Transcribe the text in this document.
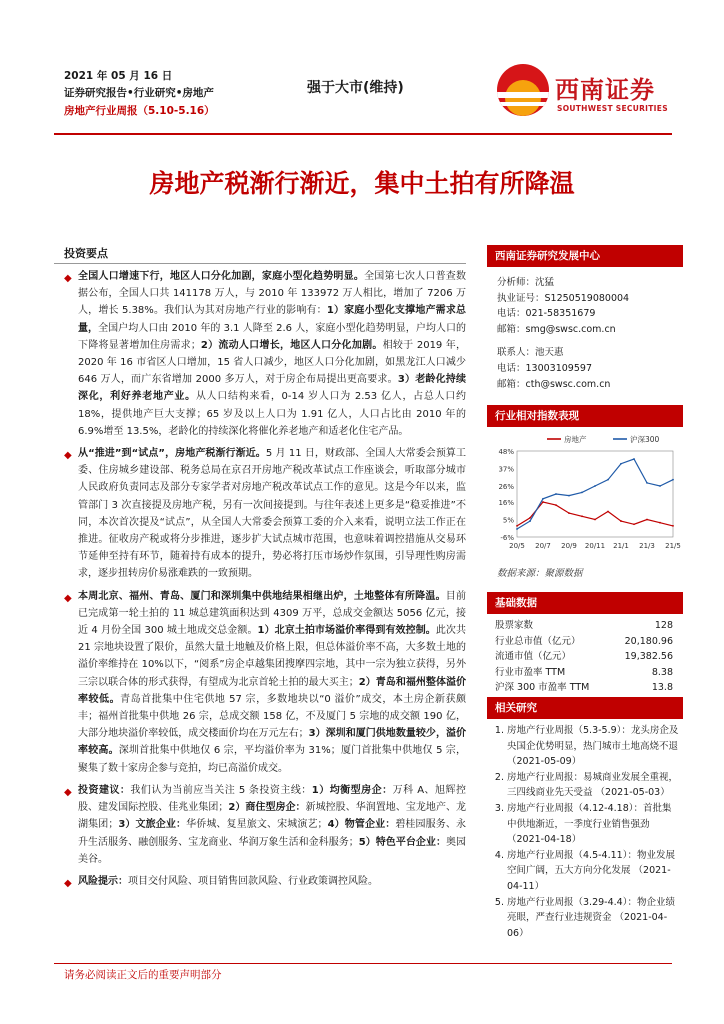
2021 年 05 月 16 日
证券研究报告•行业研究•房地产
房地产行业周报（5.10-5.16）
强于大市(维持)	西南证券
SOUTHWEST SECURITIES
房地产税渐行渐近，集中土拍有所降温
投资要点
◆ 全国人口增速下行，地区人口分化加剧，家庭小型化趋势明显。全国第七次人口普查数据公布，全国人口共 141178 万人，与 2010 年 133972 万人相比，增加了 7206 万人，增长 5.38%。我们认为其对房地产行业的影响有：1）家庭小型化支撑地产需求总量，全国户均人口由 2010 年的 3.1 人降至 2.6 人，家庭小型化趋势明显，户均人口的下降将显著增加住房需求；2）流动人口增长，地区人口分化加剧。相较于 2019 年，2020 年 16 市省区人口增加，15 省人口减少，地区人口分化加剧，如黑龙江人口减少 646 万人，而广东省增加 2000 多万人，对于房企布局提出更高要求。3）老龄化持续深化，利好养老地产业。从人口结构来看，0-14 岁人口为 2.53 亿人，占总人口约 18%，提供地产巨大支撑；65 岁及以上人口为 1.91 亿人，人口占比由 2010 年的 6.9%增至 13.5%，老龄化的持续深化将催化养老地产和适老化住宅产品。
◆ 从“推进”到“试点”，房地产税渐行渐近。5 月 11 日，财政部、全国人大常委会预算工委、住房城乡建设部、税务总局在京召开房地产税改革试点工作座谈会，听取部分城市人民政府负责同志及部分专家学者对房地产税改革试点工作的意见。这是今年以来，监管部门 3 次直接提及房地产税，另有一次间接提到。与往年表述上更多是“稳妥推进”不同，本次首次提及“试点”，从全国人大常委会预算工委的介入来看，说明立法工作正在推进。征收房产税或将分步推进，逐步扩大试点城市范围，也意味着调控措施从交易环节延伸至持有环节，随着持有成本的提升，势必将打压市场炒作氛围，引导理性购房需求，逐步扭转房价易涨难跌的一致预期。
◆ 本周北京、福州、青岛、厦门和深圳集中供地结果相继出炉，土地整体有所降温。目前已完成第一轮土拍的 11 城总建筑面积达到 4309 万平，总成交金额达 5056 亿元，接近 4 月份全国 300 城土地成交总金额。1）北京土拍市场溢价率得到有效控制。此次共 21 宗地块设置了限价，虽然大量土地触及价格上限，但总体溢价率不高，大多数土地的溢价率维持在 10%以下，“阅系”房企卓越集团搜摩四宗地，其中一宗为独立获得，另外三宗以联合体的形式获得，有望成为北京首轮土拍的最大买主；2）青岛和福州整体溢价率较低。青岛首批集中住宅供地 57 宗，多数地块以“0 溢价”成交，本土房企新获颇丰；福州首批集中供地 26 宗，总成交额 158 亿，不及厦门 5 宗地的成交额 190 亿，大部分地块溢价率较低，成交楼面价均在万元左右；3）深圳和厦门供地数量较少，溢价率较高。深圳首批集中供地仅 6 宗，平均溢价率为 31%；厦门首批集中供地仅 5 宗，聚集了数十家房企参与竞拍，均已高溢价成交。
◆ 投资建议：我们认为当前应当关注 5 条投资主线：1）均衡型房企：万科 A、旭辉控股、建发国际控股、佳兆业集团；2）商住型房企：新城控股、华润置地、宝龙地产、龙湖集团；3）文旅企业：华侨城、复星旅文、宋城演艺；4）物管企业：碧桂园服务、永升生活服务、融创服务、宝龙商业、华润万象生活和金科服务；5）特色平台企业：奥园美谷。
◆ 风险提示：项目交付风险、项目销售回款风险、行业政策调控风险。
西南证券研究发展中心
分析师：沈猛
执业证号：S1250519080004
电话：021-58351679
邮箱：smg@swsc.com.cn
联系人：池天惠
电话：13003109597
邮箱：cth@swsc.com.cn
行业相对指数表现
-6%
5%
16%
26%
37%
48%
20/5 20/7 20/9 20/11 21/1 21/3 21/5
房地产	沪深300
数据来源：聚源数据
基础数据
股票家数	128
行业总市值（亿元）	20,180.96
流通市值（亿元）	19,382.56
行业市盈率 TTM	8.38
沪深 300 市盈率 TTM	13.8
相关研究
1. 房地产行业周报（5.3-5.9）：龙头房企及央国企优势明显，热门城市土地高烧不退 （2021-05-09）
2. 房地产行业周报：易城商业发展全重视，三四线商业先天受益 （2021-05-03）
3. 房地产行业周报（4.12-4.18）：首批集中供地渐近，一季度行业销售强劲 （2021-04-18）
4. 房地产行业周报（4.5-4.11）：物业发展空间广阔，五大方向分化发展 （2021-04-11）
5. 房地产行业周报（3.29-4.4）：物企业绩亮眼，严查行业违规资金 （2021-04-06）
请务必阅读正文后的重要声明部分
